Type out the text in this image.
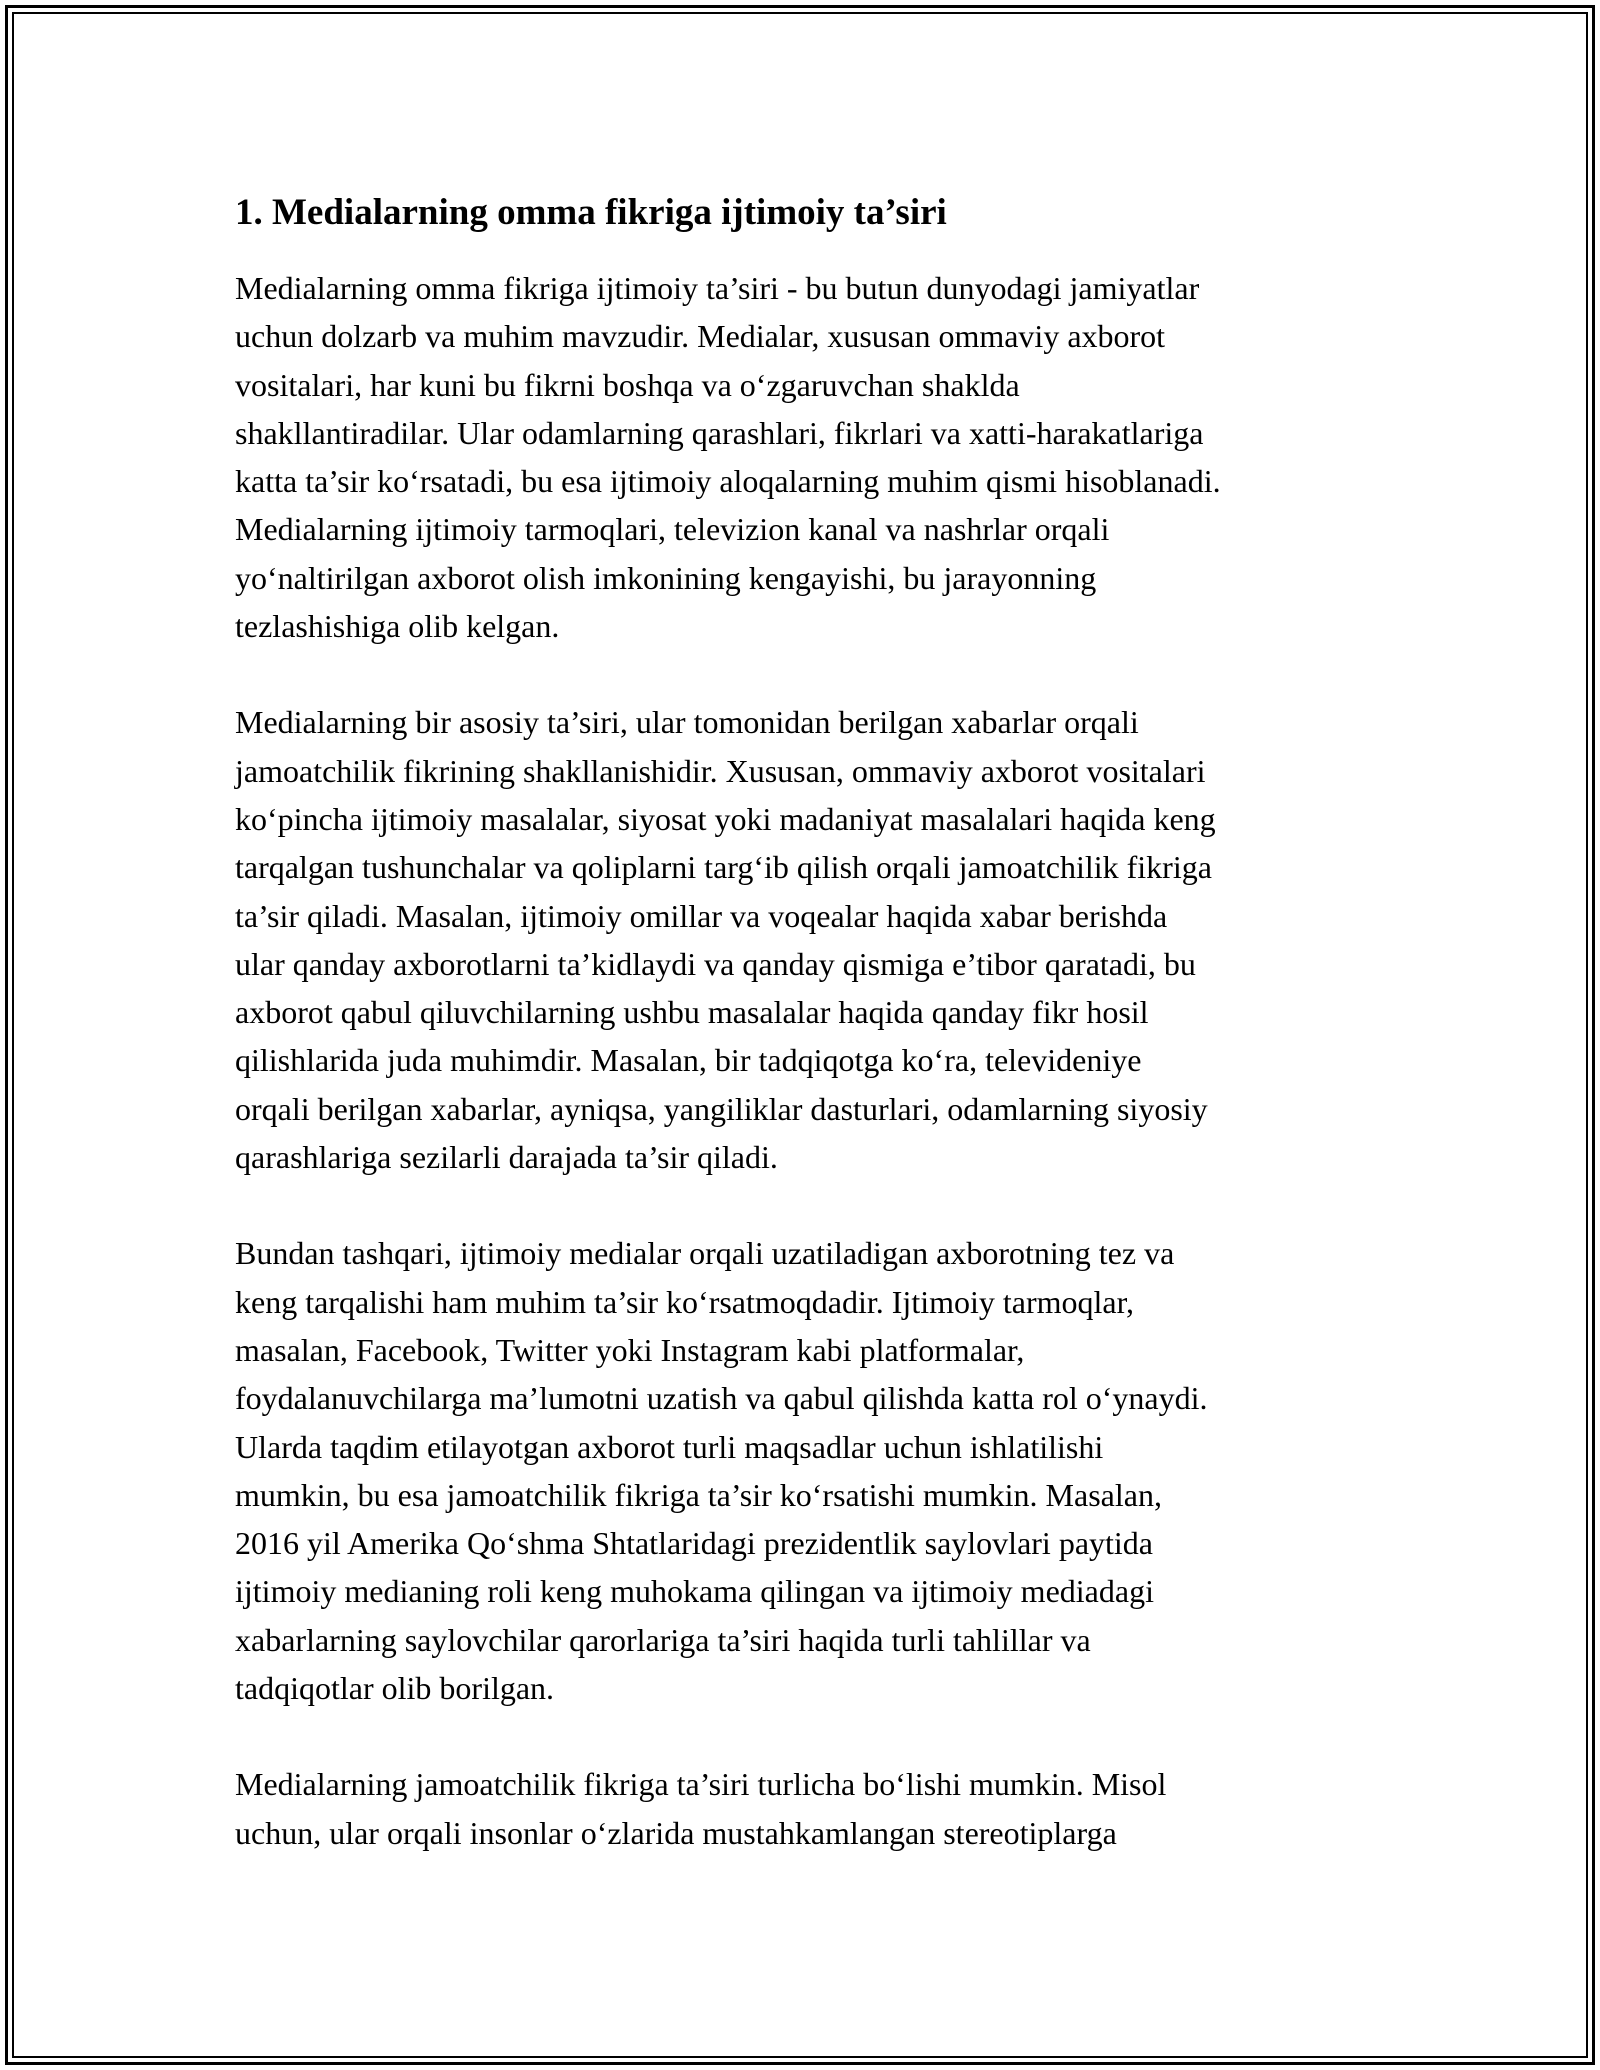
1. Medialarning omma fikriga ijtimoiy ta’siri

Medialarning omma fikriga ijtimoiy ta’siri - bu butun dunyodagi jamiyatlar
uchun dolzarb va muhim mavzudir. Medialar, xususan ommaviy axborot
vositalari, har kuni bu fikrni boshqa va o‘zgaruvchan shaklda
shakllantiradilar. Ular odamlarning qarashlari, fikrlari va xatti-harakatlariga
katta ta’sir ko‘rsatadi, bu esa ijtimoiy aloqalarning muhim qismi hisoblanadi.
Medialarning ijtimoiy tarmoqlari, televizion kanal va nashrlar orqali
yo‘naltirilgan axborot olish imkonining kengayishi, bu jarayonning
tezlashishiga olib kelgan.

Medialarning bir asosiy ta’siri, ular tomonidan berilgan xabarlar orqali
jamoatchilik fikrining shakllanishidir. Xususan, ommaviy axborot vositalari
ko‘pincha ijtimoiy masalalar, siyosat yoki madaniyat masalalari haqida keng
tarqalgan tushunchalar va qoliplarni targ‘ib qilish orqali jamoatchilik fikriga
ta’sir qiladi. Masalan, ijtimoiy omillar va voqealar haqida xabar berishda
ular qanday axborotlarni ta’kidlaydi va qanday qismiga e’tibor qaratadi, bu
axborot qabul qiluvchilarning ushbu masalalar haqida qanday fikr hosil
qilishlarida juda muhimdir. Masalan, bir tadqiqotga ko‘ra, televideniye
orqali berilgan xabarlar, ayniqsa, yangiliklar dasturlari, odamlarning siyosiy
qarashlariga sezilarli darajada ta’sir qiladi.

Bundan tashqari, ijtimoiy medialar orqali uzatiladigan axborotning tez va
keng tarqalishi ham muhim ta’sir ko‘rsatmoqdadir. Ijtimoiy tarmoqlar,
masalan, Facebook, Twitter yoki Instagram kabi platformalar,
foydalanuvchilarga ma’lumotni uzatish va qabul qilishda katta rol o‘ynaydi.
Ularda taqdim etilayotgan axborot turli maqsadlar uchun ishlatilishi
mumkin, bu esa jamoatchilik fikriga ta’sir ko‘rsatishi mumkin. Masalan,
2016 yil Amerika Qo‘shma Shtatlaridagi prezidentlik saylovlari paytida
ijtimoiy medianing roli keng muhokama qilingan va ijtimoiy mediadagi
xabarlarning saylovchilar qarorlariga ta’siri haqida turli tahlillar va
tadqiqotlar olib borilgan.

Medialarning jamoatchilik fikriga ta’siri turlicha bo‘lishi mumkin. Misol
uchun, ular orqali insonlar o‘zlarida mustahkamlangan stereotiplarga
